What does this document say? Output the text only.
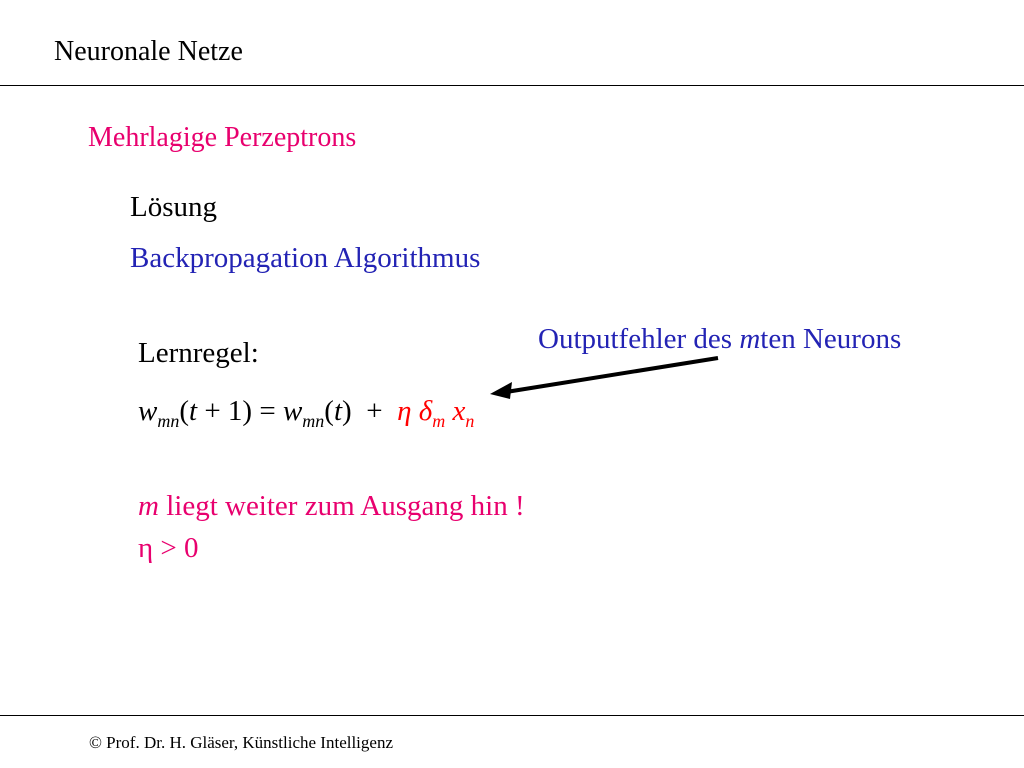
Neuronale Netze
Mehrlagige Perzeptrons
Lösung
Backpropagation Algorithmus
Outputfehler des mten Neurons
Lernregel:
$w_{mn}(t + 1) = w_{mn}(t) + \eta$ $\delta_m$ $x_n$
m liegt weiter zum Ausgang hin !
η > 0
© Prof. Dr. H. Gläser, Künstliche Intelligenz
